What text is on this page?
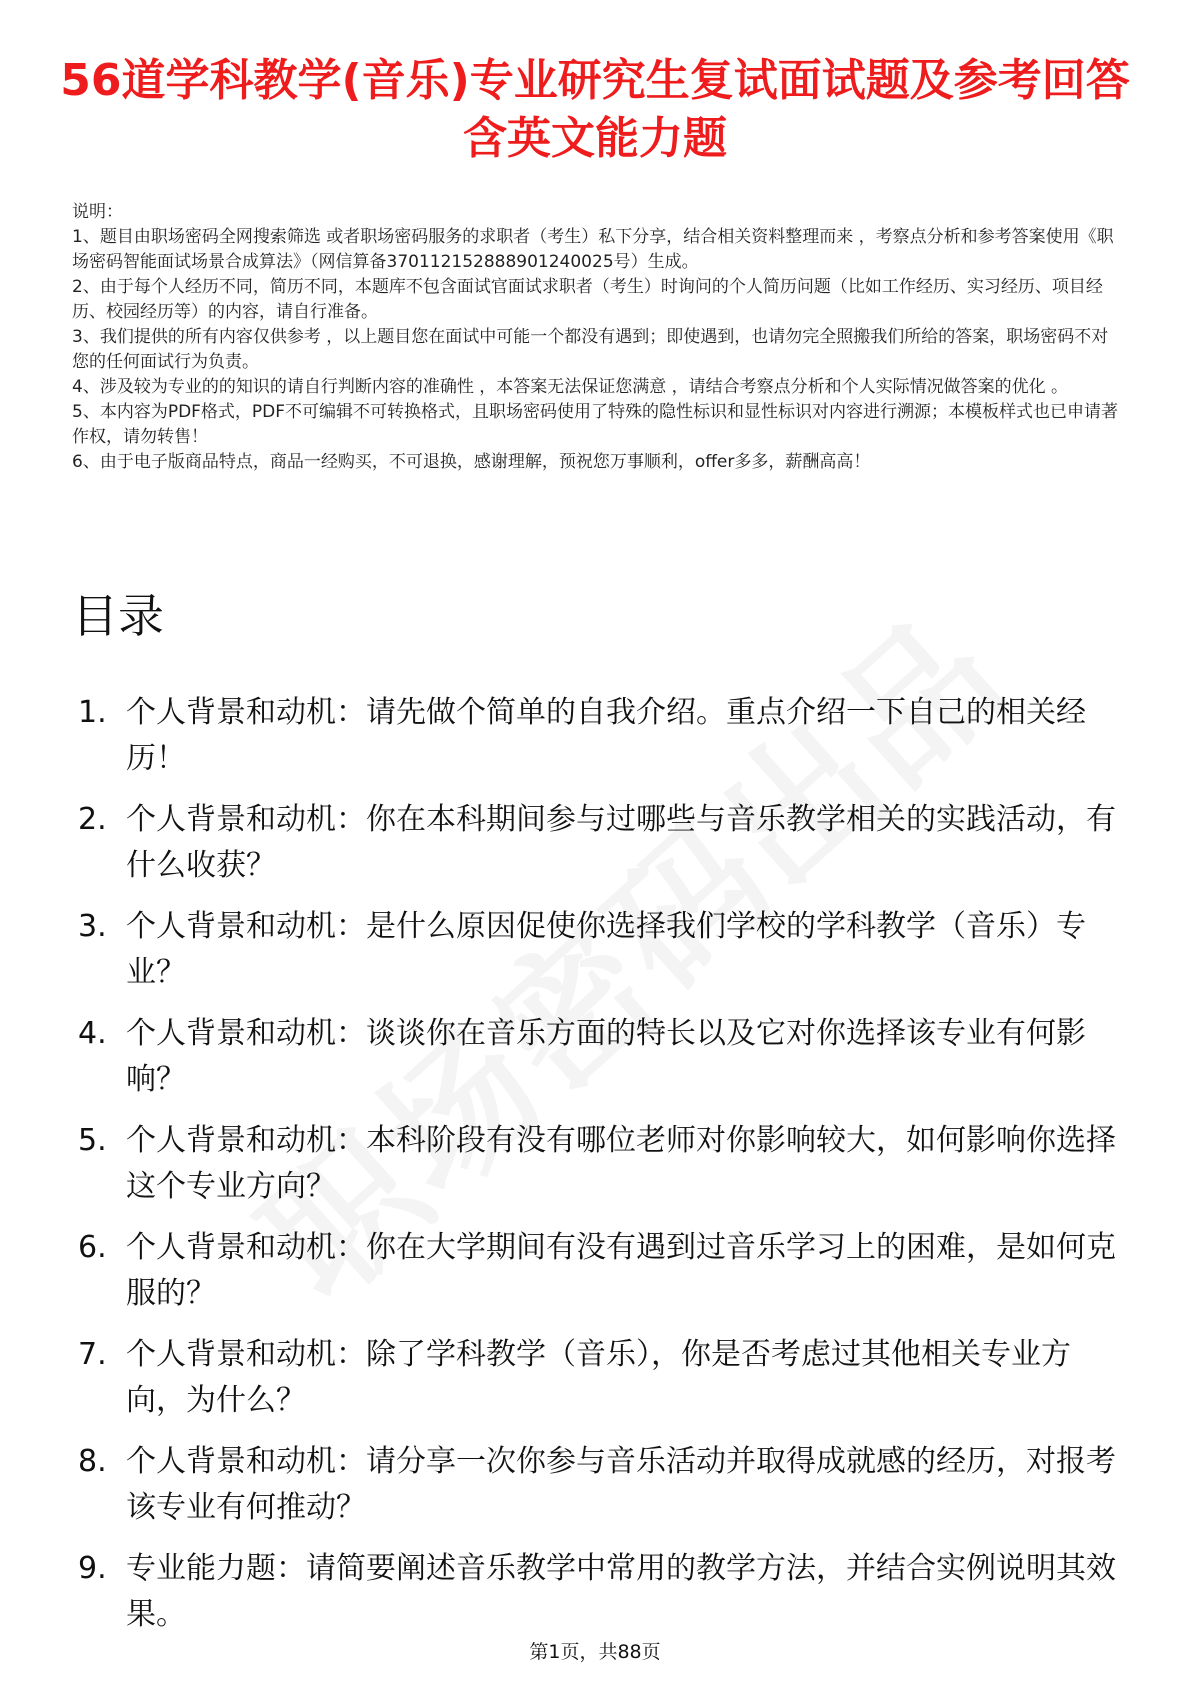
56道学科教学(音乐)专业研究生复试面试题及参考回答含英文能力题

说明：

1、题目由职场密码全网搜索筛选 或者职场密码服务的求职者（考生）私下分享，结合相关资料整理而来 ，考察点分析和参考答案使用《职场密码智能面试场景合成算法》（网信算备370112152888901240025号）生成。

2、由于每个人经历不同，简历不同，本题库不包含面试官面试求职者（考生）时询问的个人简历问题（比如工作经历、实习经历、项目经历、校园经历等）的内容，请自行准备。

3、我们提供的所有内容仅供参考 ，以上题目您在面试中可能一个都没有遇到；即使遇到，也请勿完全照搬我们所给的答案，职场密码不对您的任何面试行为负责。

4、涉及较为专业的的知识的请自行判断内容的准确性 ，本答案无法保证您满意 ，请结合考察点分析和个人实际情况做答案的优化 。

5、本内容为PDF格式，PDF不可编辑不可转换格式，且职场密码使用了特殊的隐性标识和显性标识对内容进行溯源；本模板样式也已申请著作权，请勿转售！

6、由于电子版商品特点，商品一经购买，不可退换，感谢理解，预祝您万事顺利，offer多多，薪酬高高！

目录
1. 个人背景和动机：请先做个简单的自我介绍。重点介绍一下自己的相关经历！
2. 个人背景和动机：你在本科期间参与过哪些与音乐教学相关的实践活动，有什么收获？
3. 个人背景和动机：是什么原因促使你选择我们学校的学科教学（音乐）专业？
4. 个人背景和动机：谈谈你在音乐方面的特长以及它对你选择该专业有何影响？
5. 个人背景和动机：本科阶段有没有哪位老师对你影响较大，如何影响你选择这个专业方向？
6. 个人背景和动机：你在大学期间有没有遇到过音乐学习上的困难，是如何克服的？
7. 个人背景和动机：除了学科教学（音乐），你是否考虑过其他相关专业方向，为什么？
8. 个人背景和动机：请分享一次你参与音乐活动并取得成就感的经历，对报考该专业有何推动？
9. 专业能力题：请简要阐述音乐教学中常用的教学方法，并结合实例说明其效果。
第1页，共88页
